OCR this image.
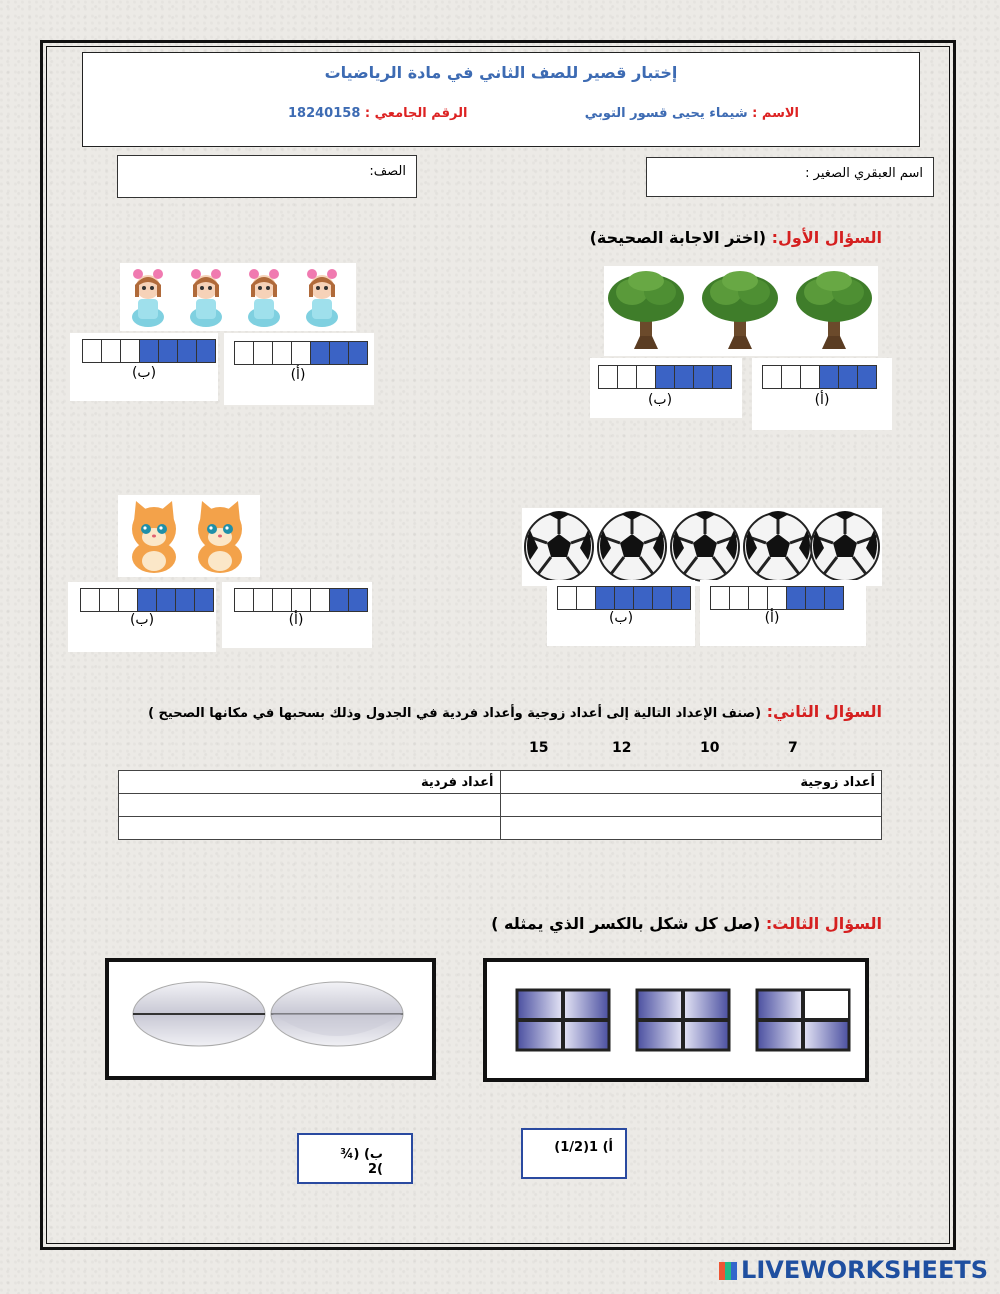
إختبار قصير للصف الثاني في مادة الرياضيات
الاسم : شيماء يحيى قسور التوبي
الرقم الجامعي : 18240158
اسم العبقري الصغير :
الصف:
السؤال الأول: (اختر الاجابة الصحيحة)
(أ)
(ب)
(أ)
(ب)
(أ)
(ب)
(أ)
(ب)
السؤال الثاني: (صنف الإعداد التالية إلى أعداد زوجية وأعداد فردية في الجدول وذلك بسحبها في مكانها الصحيح )
15	12	10	7
أعداد فردية	أعداد زوجية

السؤال الثالث: (صل كل شكل بالكسر الذي يمثله )
ب) (¾ )2
أ) 1(1/2)
LIVEWORKSHEETS
